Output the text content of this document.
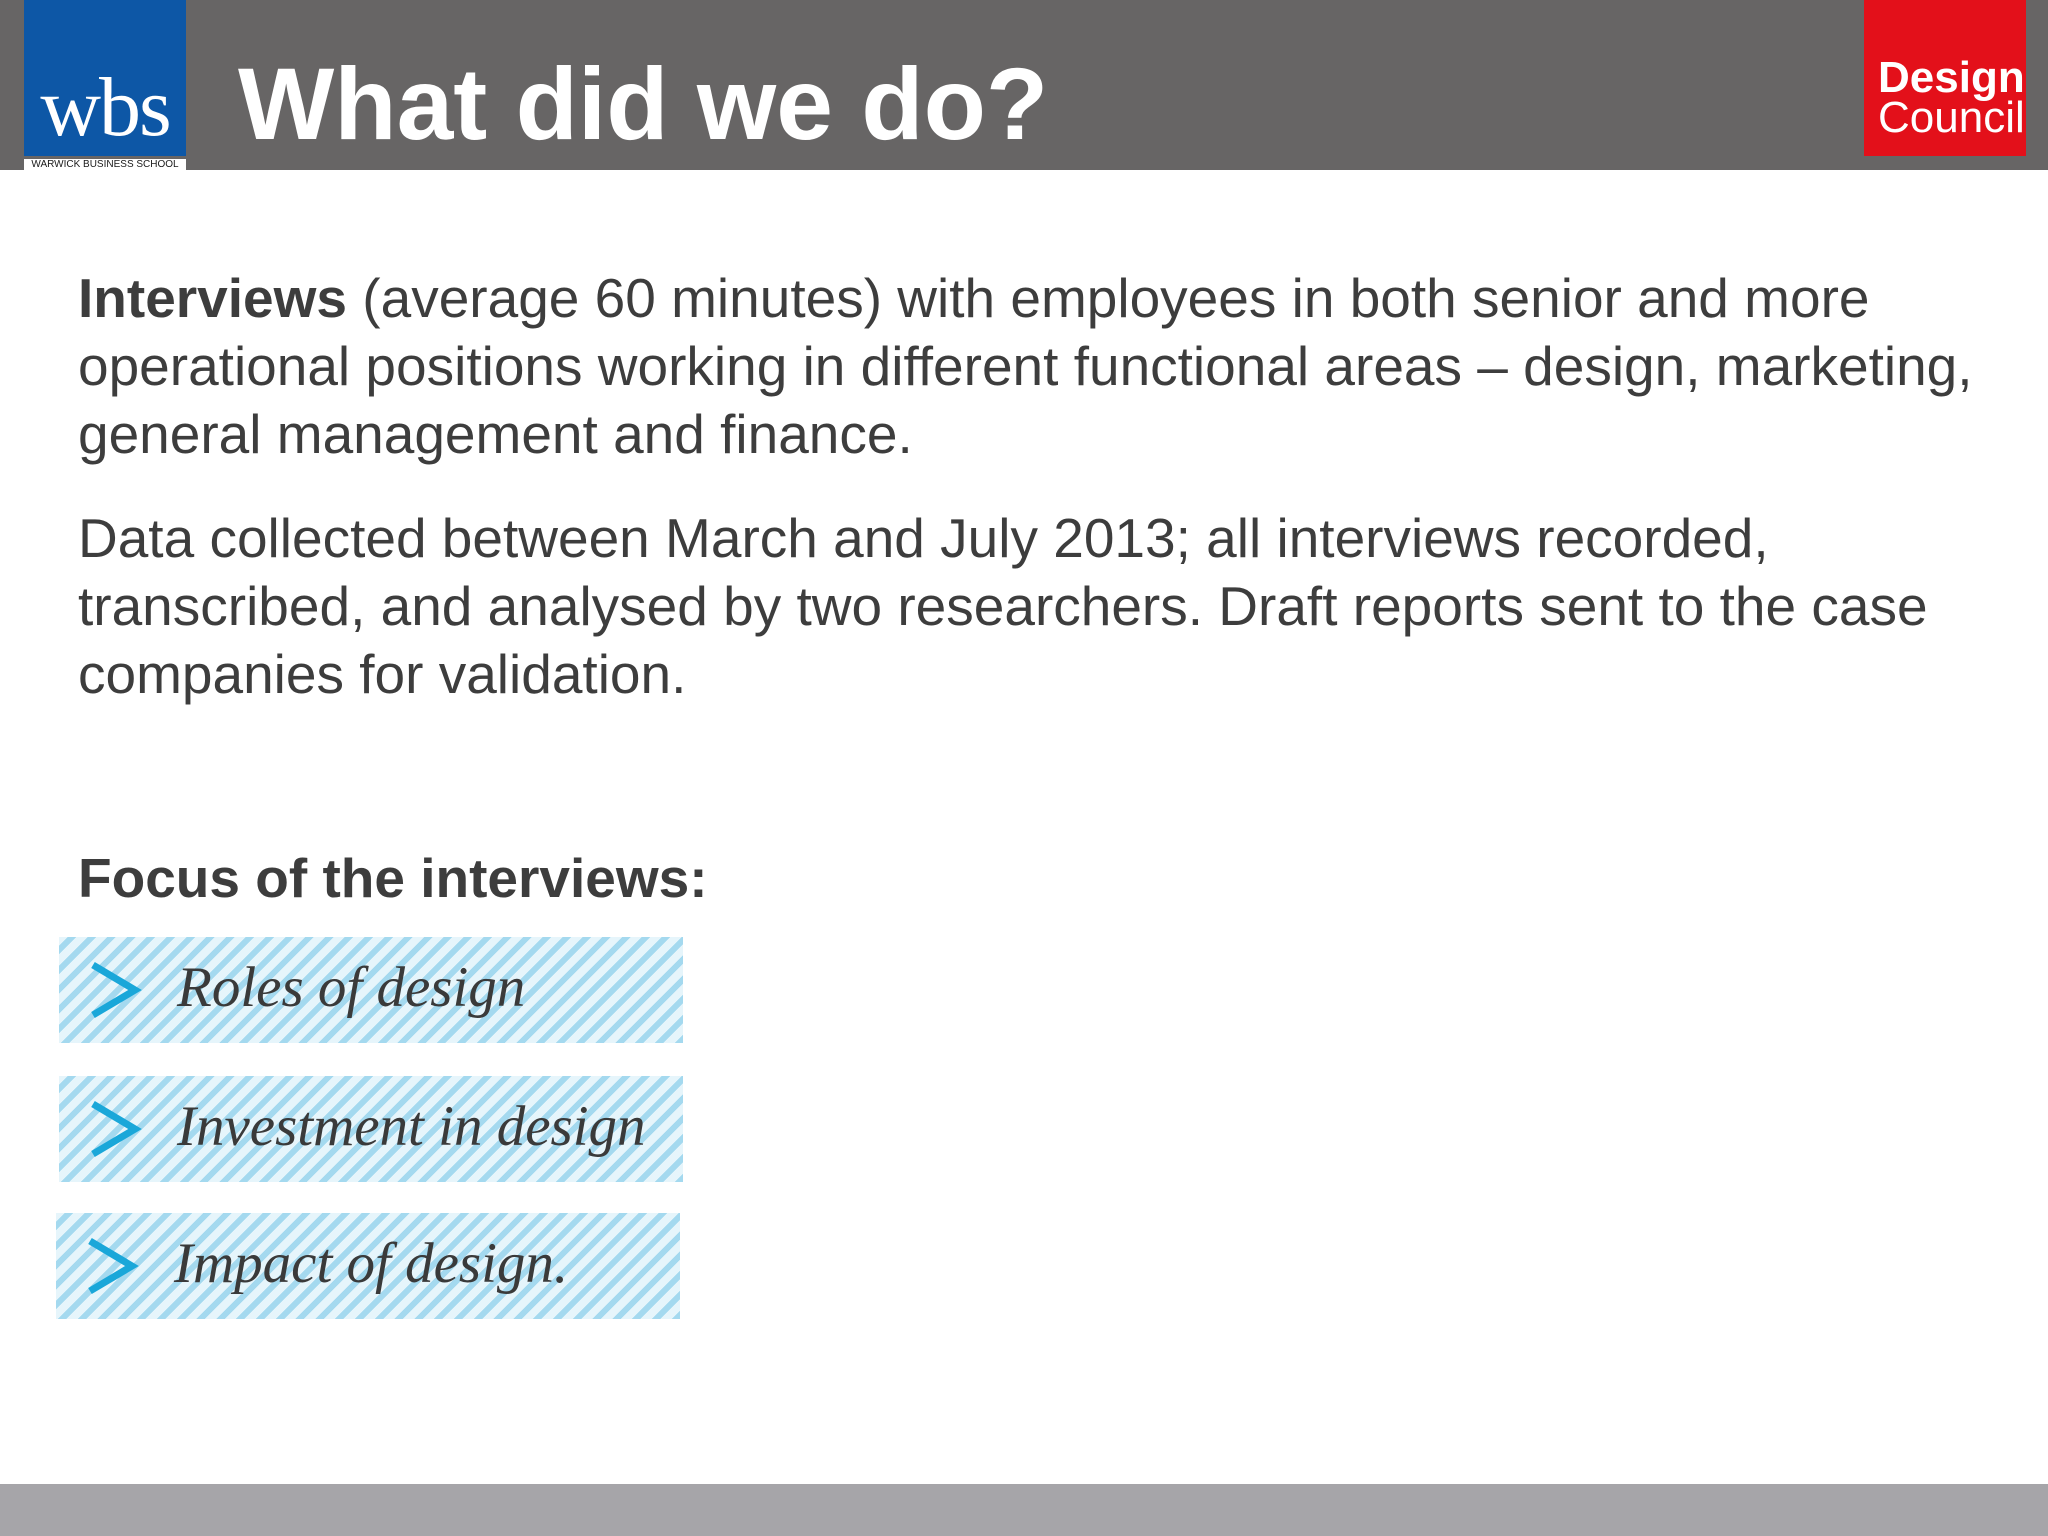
wbs
WARWICK BUSINESS SCHOOL
What did we do?	Design
Council

Interviews (average 60 minutes) with employees in both senior and more operational positions working in different functional areas – design, marketing, general management and finance.

Data collected between March and July 2013; all interviews recorded, transcribed, and analysed by two researchers. Draft reports sent to the case companies for validation.

Focus of the interviews:
Roles of design
Investment in design
Impact of design.
